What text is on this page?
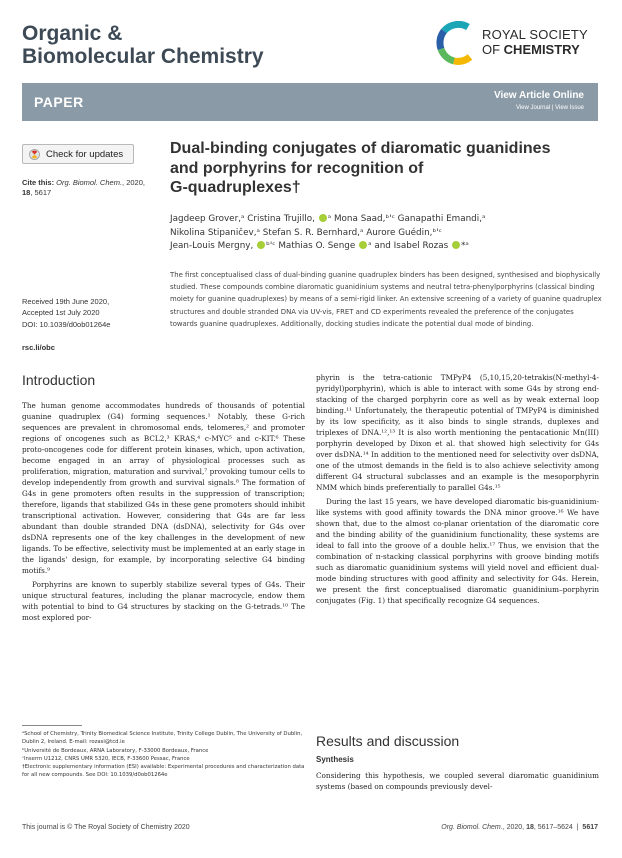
Organic &
Biomolecular Chemistry
ROYAL SOCIETY
OF CHEMISTRY
PAPER	View Article Online
View Journal | View Issue
Check for updates
Cite this: Org. Biomol. Chem., 2020,
18, 5617
Received 19th June 2020,
Accepted 1st July 2020
DOI: 10.1039/d0ob01264e
rsc.li/obc
Dual-binding conjugates of diaromatic guanidines
and porphyrins for recognition of
G-quadruplexes†
Jagdeep Grover,ᵃ Cristina Trujillo, ᵃ Mona Saad,ᵇ'ᶜ Ganapathi Emandi,ᵃ
Nikolina Stipaničev,ᵃ Stefan S. R. Bernhard,ᵃ Aurore Guédin,ᵇ'ᶜ
Jean-Louis Mergny, ᵇ'ᶜ Mathias O. Senge ᵃ and Isabel Rozas *ᵃ
The first conceptualised class of dual-binding guanine quadruplex binders has been designed, synthesised and biophysically studied. These compounds combine diaromatic guanidinium systems and neutral tetra-phenylporphyrins (classical binding moiety for guanine quadruplexes) by means of a semi-rigid linker. An extensive screening of a variety of guanine quadruplex structures and double stranded DNA via UV-vis, FRET and CD experiments revealed the preference of the conjugates towards guanine quadruplexes. Additionally, docking studies indicate the potential dual mode of binding.
Introduction

The human genome accommodates hundreds of thousands of potential guanine quadruplex (G4) forming sequences.¹ Notably, these G-rich sequences are prevalent in chromosomal ends, telomeres,² and promoter regions of oncogenes such as BCL2,³ KRAS,⁴ c-MYC⁵ and c-KIT.⁶ These proto-oncogenes code for different protein kinases, which, upon activation, become engaged in an array of physiological processes such as proliferation, migration, maturation and survival,⁷ provoking tumour cells to develop independently from growth and survival signals.⁸ The formation of G4s in gene promoters often results in the suppression of transcription; therefore, ligands that stabilized G4s in these gene promoters should inhibit transcriptional activation. However, considering that G4s are far less abundant than double stranded DNA (dsDNA), selectivity for G4s over dsDNA represents one of the key challenges in the development of new ligands. To be effective, selectivity must be implemented at an early stage in the ligands' design, for example, by incorporating selective G4 binding motifs.⁹

Porphyrins are known to superbly stabilize several types of G4s. Their unique structural features, including the planar macrocycle, endow them with potential to bind to G4 structures by stacking on the G-tetrads.¹⁰ The most explored por-

phyrin is the tetra-cationic TMPyP4 (5,10,15,20-tetrakis(N-methyl-4-pyridyl)porphyrin), which is able to interact with some G4s by strong end-stacking of the charged porphyrin core as well as by weak external loop binding.¹¹ Unfortunately, the therapeutic potential of TMPyP4 is diminished by its low specificity, as it also binds to single strands, duplexes and triplexes of DNA.¹²,¹³ It is also worth mentioning the pentacationic Mn(III) porphyrin developed by Dixon et al. that showed high selectivity for G4s over dsDNA.¹⁴ In addition to the mentioned need for selectivity over dsDNA, one of the utmost demands in the field is to also achieve selectivity among different G4 structural subclasses and an example is the mesoporphyrin NMM which binds preferentially to parallel G4s.¹⁵

During the last 15 years, we have developed diaromatic bis-guanidinium-like systems with good affinity towards the DNA minor groove.¹⁶ We have shown that, due to the almost co-planar orientation of the diaromatic core and the binding ability of the guanidinium functionality, these systems are ideal to fall into the groove of a double helix.¹⁷ Thus, we envision that the combination of π-stacking classical porphyrins with groove binding motifs such as diaromatic guanidinium systems will yield novel and efficient dual-mode binding structures with good affinity and selectivity for G4s. Herein, we present the first conceptualised diaromatic guanidinium–porphyrin conjugates (Fig. 1) that specifically recognize G4 sequences.

Results and discussion
Synthesis

Considering this hypothesis, we coupled several diaromatic guanidinium systems (based on compounds previously devel-

ᵃSchool of Chemistry, Trinity Biomedical Science Institute, Trinity College Dublin, The University of Dublin, Dublin 2, Ireland. E-mail: rozasi@tcd.ie
ᵇUniversité de Bordeaux, ARNA Laboratory, F-33000 Bordeaux, France
ᶜInserm U1212, CNRS UMR 5320, IECB, F-33600 Pessac, France
†Electronic supplementary information (ESI) available: Experimental procedures and characterization data for all new compounds. See DOI: 10.1039/d0ob01264e
This journal is © The Royal Society of Chemistry 2020	Org. Biomol. Chem., 2020, 18, 5617–5624  |  5617
